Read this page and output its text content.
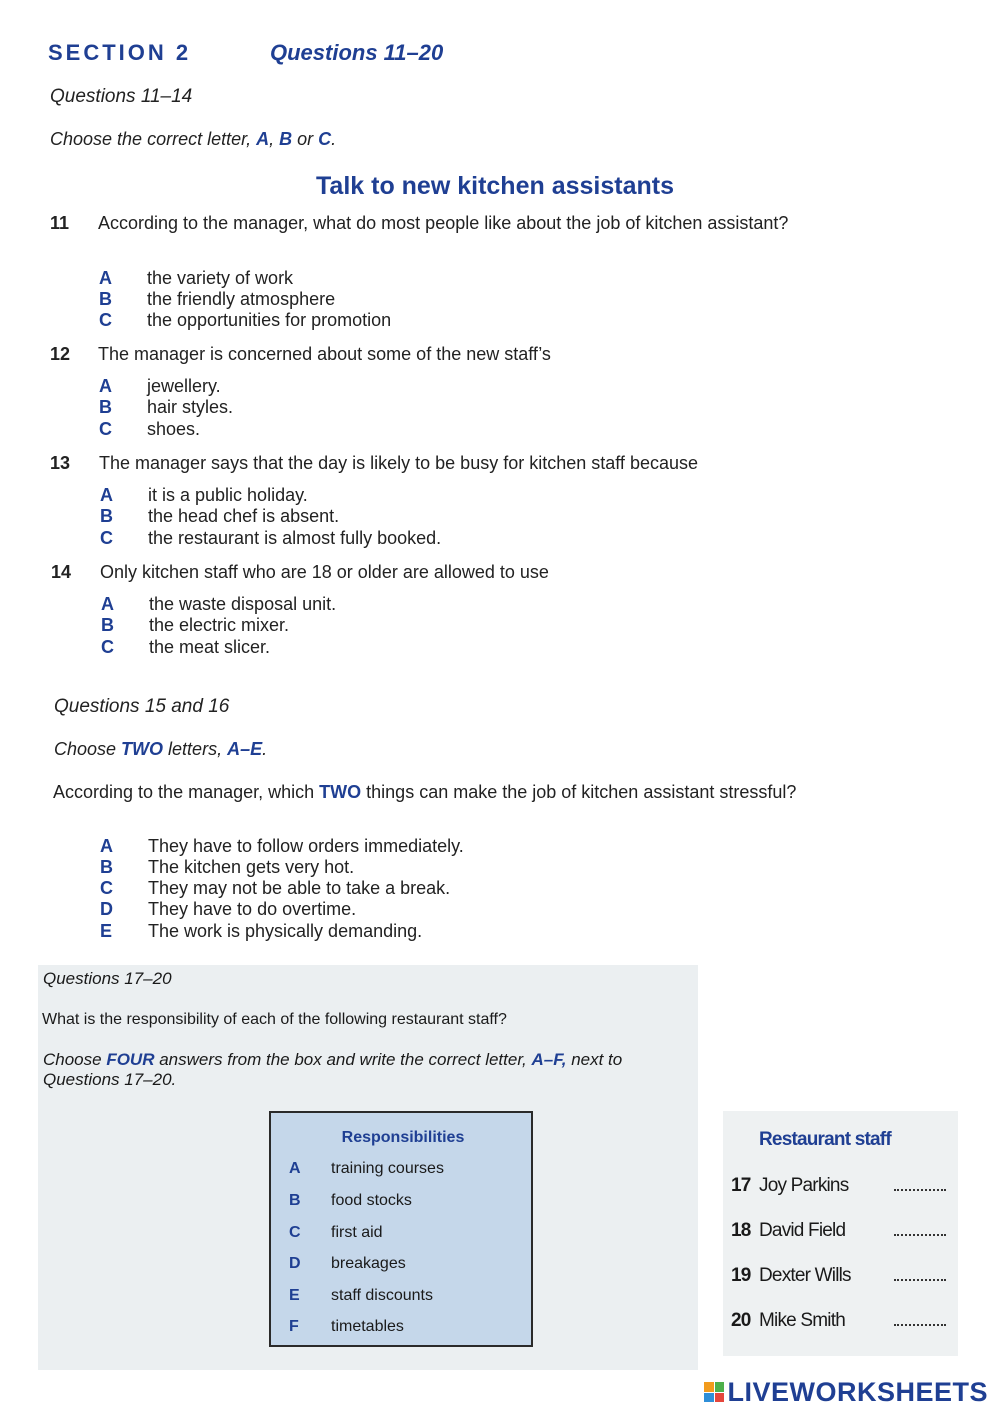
SECTION 2	Questions 11–20
Questions 11–14
Choose the correct letter, A, B or C.
Talk to new kitchen assistants
11 According to the manager, what do most people like about the job of kitchen assistant?
A	the variety of work
B	the friendly atmosphere
C	the opportunities for promotion
12 The manager is concerned about some of the new staff’s
A	jewellery.
B	hair styles.
C	shoes.
13 The manager says that the day is likely to be busy for kitchen staff because
A	it is a public holiday.
B	the head chef is absent.
C	the restaurant is almost fully booked.
14 Only kitchen staff who are 18 or older are allowed to use
A	the waste disposal unit.
B	the electric mixer.
C	the meat slicer.
Questions 15 and 16
Choose TWO letters, A–E.
According to the manager, which TWO things can make the job of kitchen assistant stressful?
A	They have to follow orders immediately.
B	The kitchen gets very hot.
C	They may not be able to take a break.
D	They have to do overtime.
E	The work is physically demanding.
Questions 17–20
What is the responsibility of each of the following restaurant staff?
Choose FOUR answers from the box and write the correct letter, A–F, next to Questions 17–20.
Responsibilities
A	training courses
B	food stocks
C	first aid
D	breakages
E	staff discounts
F	timetables
Restaurant staff
17 Joy Parkins
18 David Field
19 Dexter Wills
20 Mike Smith
LIVEWORKSHEETS
